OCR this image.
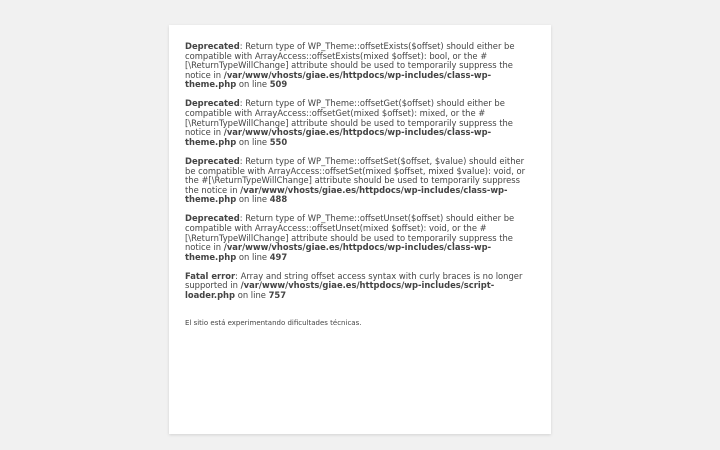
Deprecated: Return type of WP_Theme::offsetExists($offset) should either be compatible with ArrayAccess::offsetExists(mixed $offset): bool, or the #[\ReturnTypeWillChange] attribute should be used to temporarily suppress the notice in /var/www/vhosts/giae.es/httpdocs/wp-includes/class-wp-theme.php on line 509
Deprecated: Return type of WP_Theme::offsetGet($offset) should either be compatible with ArrayAccess::offsetGet(mixed $offset): mixed, or the #[\ReturnTypeWillChange] attribute should be used to temporarily suppress the notice in /var/www/vhosts/giae.es/httpdocs/wp-includes/class-wp-theme.php on line 550
Deprecated: Return type of WP_Theme::offsetSet($offset, $value) should either be compatible with ArrayAccess::offsetSet(mixed $offset, mixed $value): void, or the #[\ReturnTypeWillChange] attribute should be used to temporarily suppress the notice in /var/www/vhosts/giae.es/httpdocs/wp-includes/class-wp-theme.php on line 488
Deprecated: Return type of WP_Theme::offsetUnset($offset) should either be compatible with ArrayAccess::offsetUnset(mixed $offset): void, or the #[\ReturnTypeWillChange] attribute should be used to temporarily suppress the notice in /var/www/vhosts/giae.es/httpdocs/wp-includes/class-wp-theme.php on line 497
Fatal error: Array and string offset access syntax with curly braces is no longer supported in /var/www/vhosts/giae.es/httpdocs/wp-includes/script-loader.php on line 757

El sitio está experimentando dificultades técnicas.
